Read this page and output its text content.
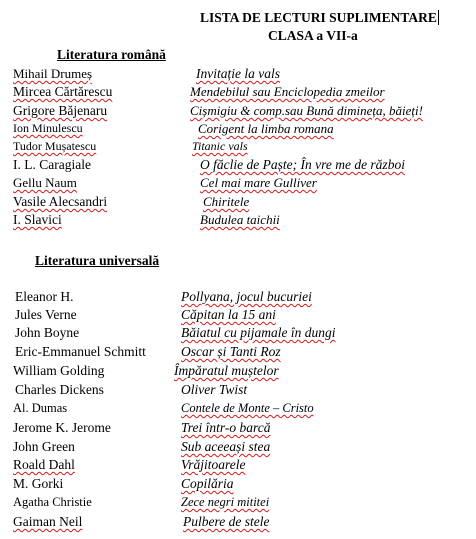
LISTA DE LECTURI SUPLIMENTARE
CLASA a VII-a
Literatura română
Mihail Drumeș	Invitație la vals
Mircea Cărtărescu	Mendebilul sau Enciclopedia zmeilor
Grigore Băjenaru	Cișmigiu & comp.sau Bună dimineța, băieți!
Ion Minulescu	Corigent la limba romana
Tudor Mușatescu	Titanic vals
I. L. Caragiale	O făclie de Paște; În vre me de război
Gellu Naum	Cel mai mare Gulliver
Vasile Alecsandri	Chiritele
I. Slavici	Budulea taichii
Literatura universală
Eleanor H.	Pollyana, jocul bucuriei
Jules Verne	Căpitan la 15 ani
John Boyne	Băiatul cu pijamale în dungi
Eric-Emmanuel Schmitt	Oscar și Tanti Roz
William Golding	Împăratul muștelor
Charles Dickens	Oliver Twist
Al. Dumas	Contele de Monte – Cristo
Jerome K. Jerome	Trei într-o barcă
John Green	Sub aceeași stea
Roald Dahl	Vrăjitoarele
M. Gorki	Copilăria
Agatha Christie	Zece negri mititei
Gaiman Neil	Pulbere de stele
